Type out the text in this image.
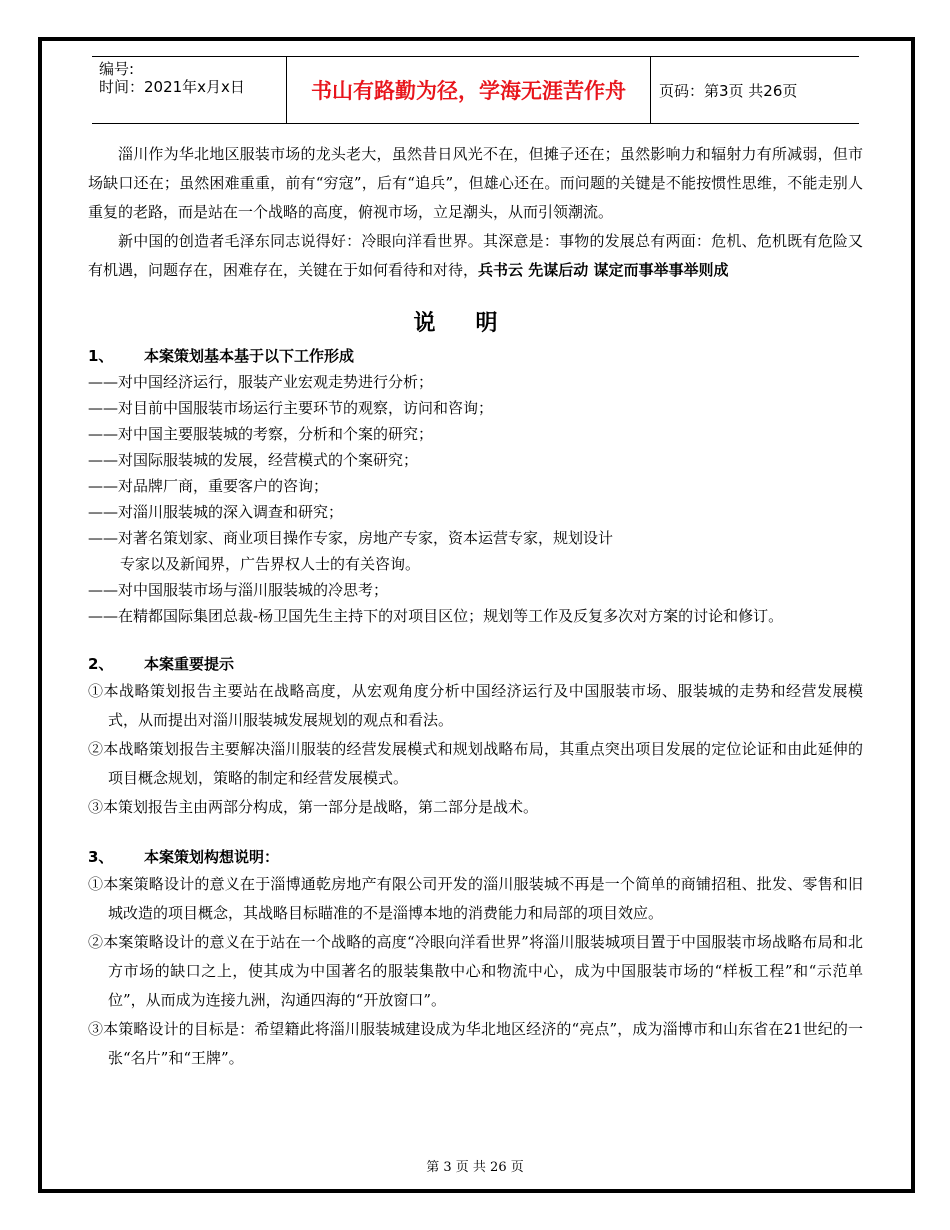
编号:
时间：2021年x月x日	书山有路勤为径，学海无涯苦作舟	页码：第3页 共26页

淄川作为华北地区服装市场的龙头老大，虽然昔日风光不在，但摊子还在；虽然影响力和辐射力有所减弱，但市场缺口还在；虽然困难重重，前有“穷寇”，后有“追兵”，但雄心还在。而问题的关键是不能按惯性思维，不能走别人重复的老路，而是站在一个战略的高度，俯视市场，立足潮头，从而引领潮流。

新中国的创造者毛泽东同志说得好：冷眼向洋看世界。其深意是：事物的发展总有两面：危机、危机既有危险又有机遇，问题存在，困难存在，关键在于如何看待和对待，兵书云 先谋后动 谋定而事举事举则成

说明
1、 本案策划基本基于以下工作形成
——对中国经济运行，服装产业宏观走势进行分析；
——对目前中国服装市场运行主要环节的观察，访问和咨询；
——对中国主要服装城的考察，分析和个案的研究；
——对国际服装城的发展，经营模式的个案研究；
——对品牌厂商，重要客户的咨询；
——对淄川服装城的深入调查和研究；
——对著名策划家、商业项目操作专家，房地产专家，资本运营专家，规划设计
专家以及新闻界，广告界权人士的有关咨询。
——对中国服装市场与淄川服装城的冷思考；
——在精都国际集团总裁-杨卫国先生主持下的对项目区位；规划等工作及反复多次对方案的讨论和修订。
2、 本案重要提示

①本战略策划报告主要站在战略高度，从宏观角度分析中国经济运行及中国服装市场、服装城的走势和经营发展模式，从而提出对淄川服装城发展规划的观点和看法。

②本战略策划报告主要解决淄川服装的经营发展模式和规划战略布局，其重点突出项目发展的定位论证和由此延伸的项目概念规划，策略的制定和经营发展模式。

③本策划报告主由两部分构成，第一部分是战略，第二部分是战术。

3、 本案策划构想说明：

①本案策略设计的意义在于淄博通乾房地产有限公司开发的淄川服装城不再是一个简单的商铺招租、批发、零售和旧城改造的项目概念，其战略目标瞄准的不是淄博本地的消费能力和局部的项目效应。

②本案策略设计的意义在于站在一个战略的高度“冷眼向洋看世界”将淄川服装城项目置于中国服装市场战略布局和北方市场的缺口之上，使其成为中国著名的服装集散中心和物流中心，成为中国服装市场的“样板工程”和“示范单位”，从而成为连接九洲，沟通四海的“开放窗口”。

③本策略设计的目标是：希望籍此将淄川服装城建设成为华北地区经济的“亮点”，成为淄博市和山东省在21世纪的一张“名片”和“王牌”。

第 3 页 共 26 页
